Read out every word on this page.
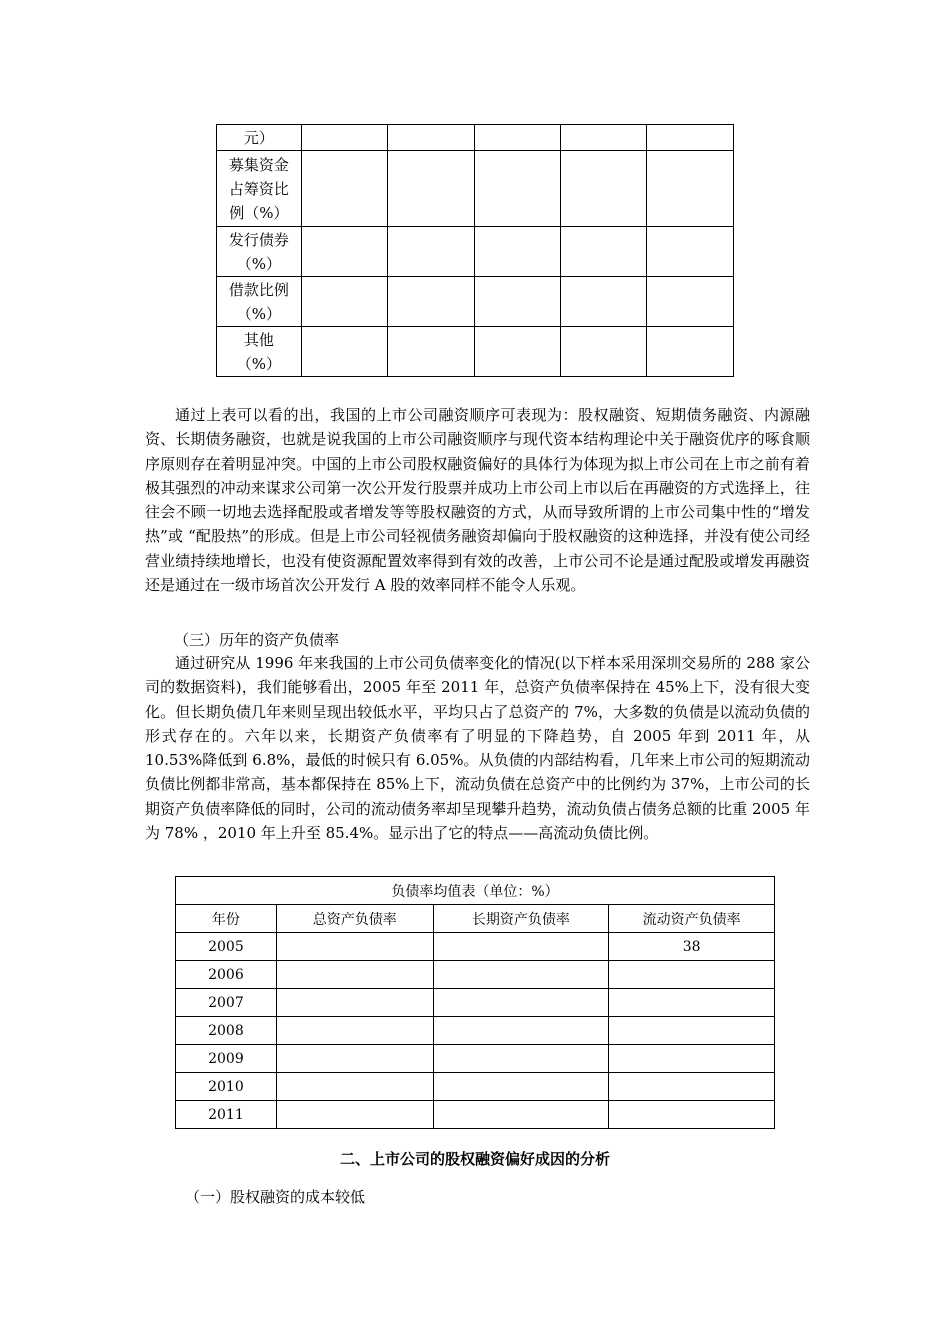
元）					

募集资金
占筹资比
例（%）					

发行债券
（%）					

借款比例
（%）					

其他
（%）					

通过上表可以看的出，我国的上市公司融资顺序可表现为：股权融资、短期债务融资、内源融资、长期债务融资，也就是说我国的上市公司融资顺序与现代资本结构理论中关于融资优序的啄食顺序原则存在着明显冲突。中国的上市公司股权融资偏好的具体行为体现为拟上市公司在上市之前有着极其强烈的冲动来谋求公司第一次公开发行股票并成功上市公司上市以后在再融资的方式选择上，往往会不顾一切地去选择配股或者增发等等股权融资的方式，从而导致所谓的上市公司集中性的“增发热”或 “配股热”的形成。但是上市公司轻视债务融资却偏向于股权融资的这种选择，并没有使公司经营业绩持续地增长，也没有使资源配置效率得到有效的改善，上市公司不论是通过配股或增发再融资还是通过在一级市场首次公开发行 A 股的效率同样不能令人乐观。

（三）历年的资产负债率

通过研究从 1996 年来我国的上市公司负债率变化的情况(以下样本采用深圳交易所的 288 家公司的数据资料)，我们能够看出，2005 年至 2011 年，总资产负债率保持在 45%上下，没有很大变化。但长期负债几年来则呈现出较低水平，平均只占了总资产的 7%，大多数的负债是以流动负债的形式存在的。六年以来，长期资产负债率有了明显的下降趋势，自 2005 年到 2011 年，从 10.53%降低到 6.8%，最低的时候只有 6.05%。从负债的内部结构看，几年来上市公司的短期流动负债比例都非常高，基本都保持在 85%上下，流动负债在总资产中的比例约为 37%，上市公司的长期资产负债率降低的同时，公司的流动债务率却呈现攀升趋势，流动负债占债务总额的比重 2005 年为 78% ，2010 年上升至 85.4%。显示出了它的特点——高流动负债比例。

负债率均值表（单位：%）			
年份	总资产负债率	长期资产负债率	流动资产负债率
2005			38
2006			
2007			
2008			
2009			
2010			
2011			

二、上市公司的股权融资偏好成因的分析

（一）股权融资的成本较低
